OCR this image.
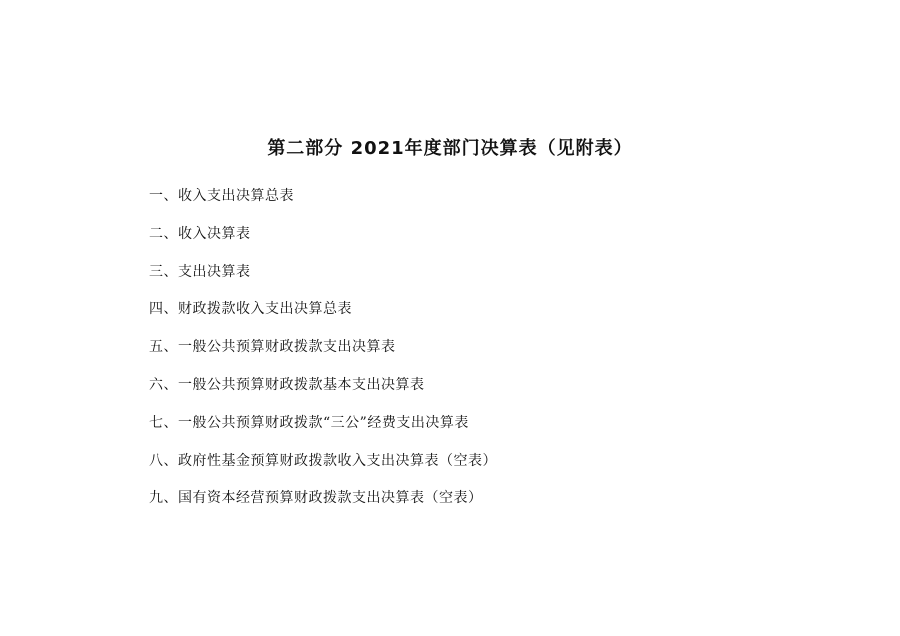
第二部分 2021年度部门决算表（见附表）
一、收入支出决算总表
二、收入决算表
三、支出决算表
四、财政拨款收入支出决算总表
五、一般公共预算财政拨款支出决算表
六、一般公共预算财政拨款基本支出决算表
七、一般公共预算财政拨款“三公”经费支出决算表
八、政府性基金预算财政拨款收入支出决算表（空表）
九、国有资本经营预算财政拨款支出决算表（空表）
